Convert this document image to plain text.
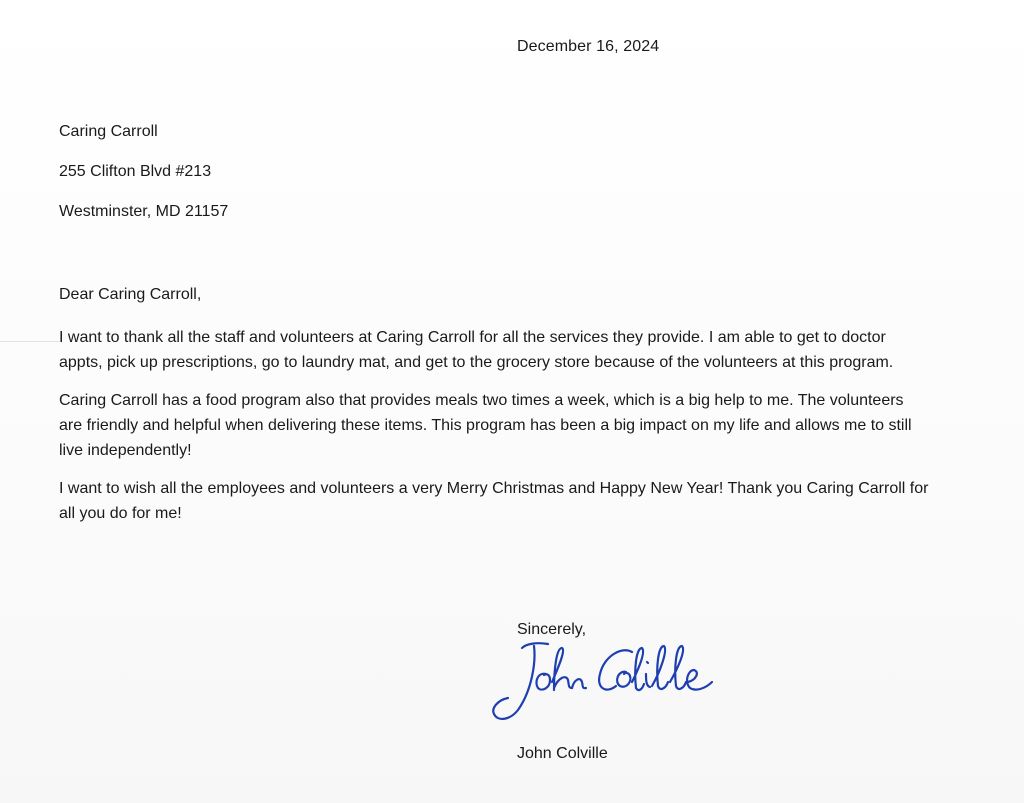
December 16, 2024
Caring Carroll
255 Clifton Blvd #213
Westminster, MD 21157
Dear Caring Carroll,

I want to thank all the staff and volunteers at Caring Carroll for all the services they provide. I am able to get to doctor appts, pick up prescriptions, go to laundry mat, and get to the grocery store because of the volunteers at this program.

Caring Carroll has a food program also that provides meals two times a week, which is a big help to me. The volunteers are friendly and helpful when delivering these items. This program has been a big impact on my life and allows me to still live independently!

I want to wish all the employees and volunteers a very Merry Christmas and Happy New Year! Thank you Caring Carroll for all you do for me!

Sincerely,
John Colville
